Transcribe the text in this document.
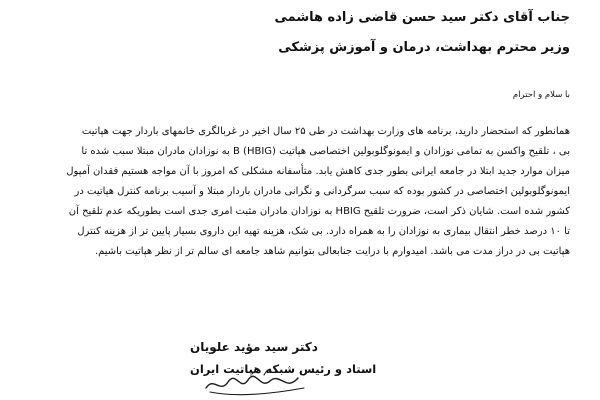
جناب آقای دکتر سید حسن قاضی زاده هاشمی
وزیر محترم بهداشت، درمان و آموزش پزشکی
با سلام و احترام
همانطور که استحضار دارید، برنامه های وزارت بهداشت در طی ۲۵ سال اخیر در غربالگری خانمهای باردار جهت هپاتیت
بی ، تلقیح واکسن به تمامی نوزادان و ایمونوگلوبولین اختصاصی هپاتیت (HBIG) B به نوزادان مادران مبتلا سبب شده تا
میزان موارد جدید ابتلا در جامعه ایرانی بطور جدی کاهش یابد. متأسفانه مشکلی که امروز با آن مواجه هستیم فقدان آمپول
ایمونوگلوبولین اختصاصی در کشور بوده که سبب سرگردانی و نگرانی مادران باردار مبتلا و آسیب برنامه کنترل هپاتیت در
کشور شده است. شایان ذکر است، ضرورت تلقیح HBIG به نوزادان مادران مثبت امری جدی است بطوریکه عدم تلقیح آن
تا ۱۰ درصد خطر انتقال بیماری به نوزادان را به همراه دارد. بی شک، هزینه تهیه این داروی بسیار پایین تر از هزینه کنترل
هپاتیت بی در دراز مدت می باشد. امیدوارم با درایت جنابعالی بتوانیم شاهد جامعه ای سالم تر از نظر هپاتیت باشیم.
دکتر سید مؤید علویان
استاد و رئیس شبکه هپاتیت ایران
